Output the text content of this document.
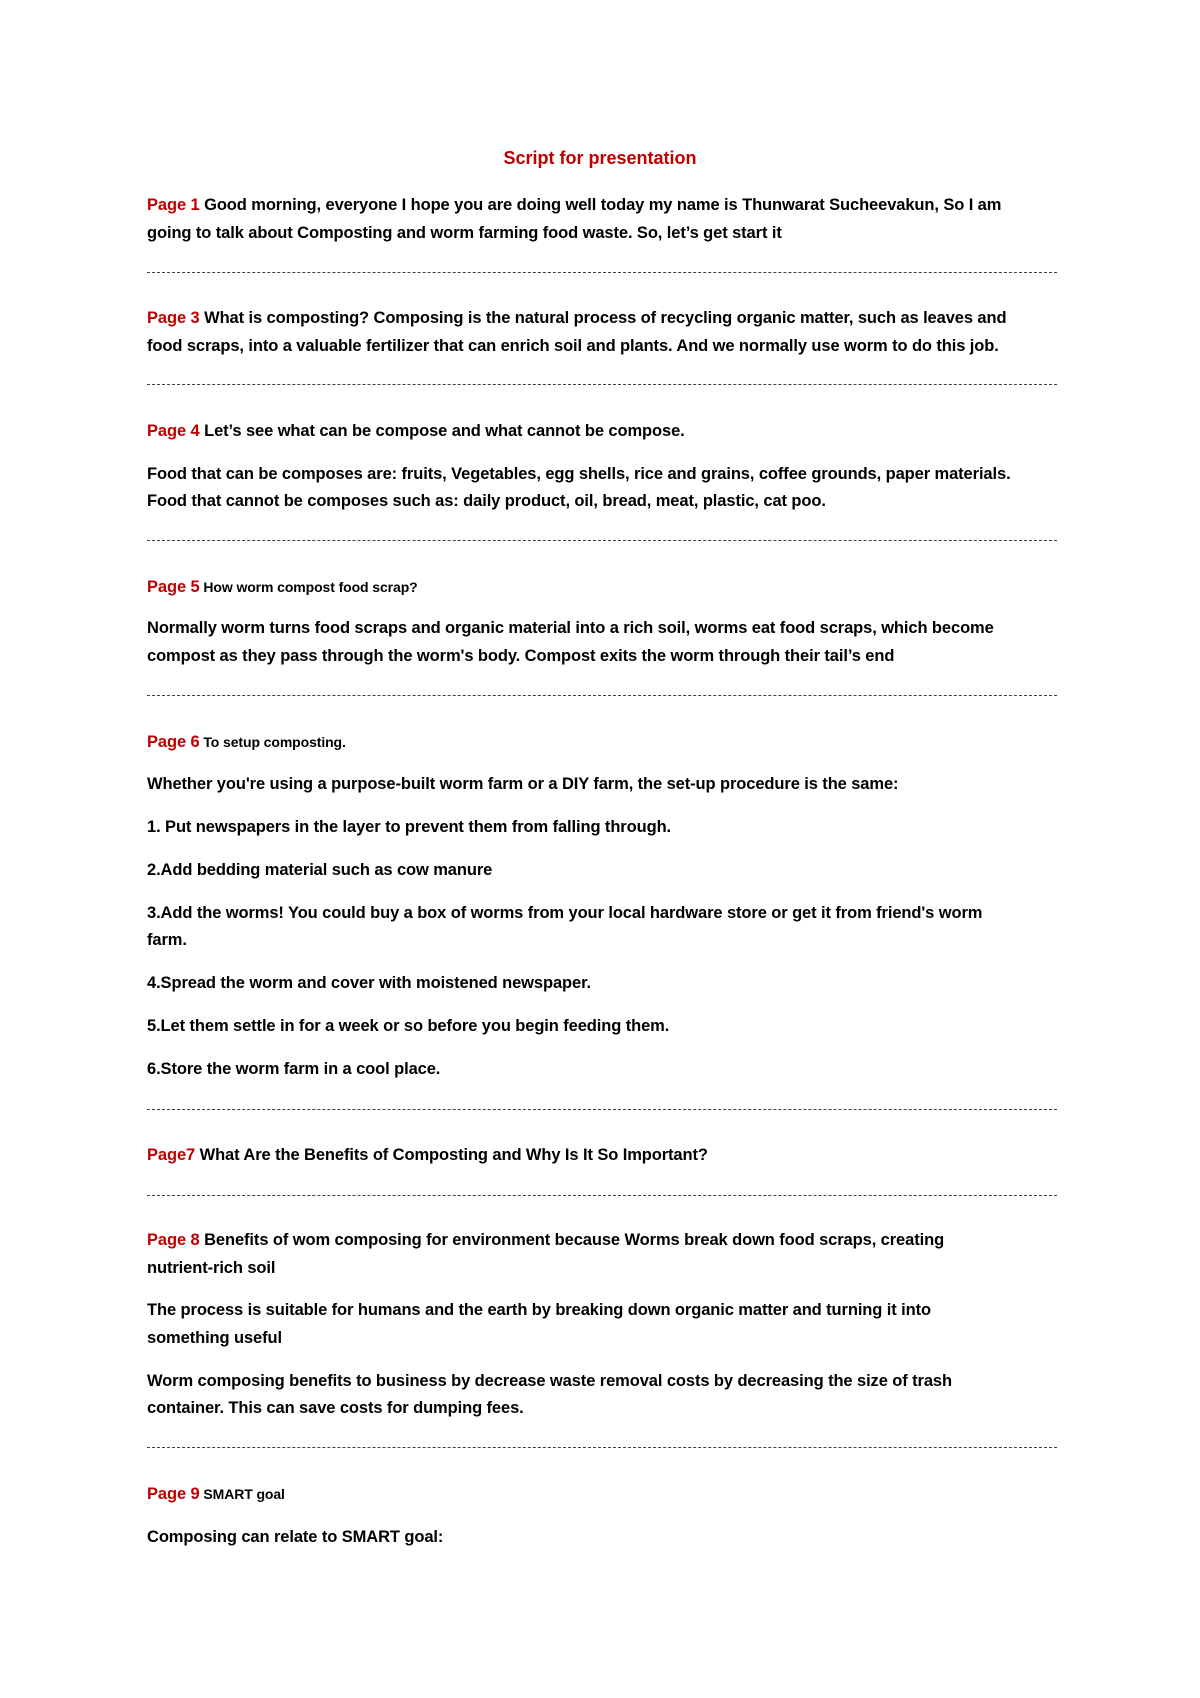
Script for presentation
Page 1 Good morning, everyone I hope you are doing well today my name is Thunwarat Sucheevakun, So I am
going to talk about Composting and worm farming food waste. So, let’s get start it
Page 3 What is composting? Composing is the natural process of recycling organic matter, such as leaves and
food scraps, into a valuable fertilizer that can enrich soil and plants. And we normally use worm to do this job.
Page 4 Let’s see what can be compose and what cannot be compose.
Food that can be composes are: fruits, Vegetables, egg shells, rice and grains, coffee grounds, paper materials.
Food that cannot be composes such as: daily product, oil, bread, meat, plastic, cat poo.
Page 5 How worm compost food scrap?
Normally worm turns food scraps and organic material into a rich soil, worms eat food scraps, which become
compost as they pass through the worm's body. Compost exits the worm through their tail’s end
Page 6 To setup composting.
Whether you're using a purpose-built worm farm or a DIY farm, the set-up procedure is the same:
1. Put newspapers in the layer to prevent them from falling through.
2.Add bedding material such as cow manure
3.Add the worms! You could buy a box of worms from your local hardware store or get it from friend's worm
farm.
4.Spread the worm and cover with moistened newspaper.
5.Let them settle in for a week or so before you begin feeding them.
6.Store the worm farm in a cool place.
Page7 What Are the Benefits of Composting and Why Is It So Important?
Page 8 Benefits of wom composing for environment because Worms break down food scraps, creating
nutrient-rich soil
The process is suitable for humans and the earth by breaking down organic matter and turning it into
something useful
Worm composing benefits to business by decrease waste removal costs by decreasing the size of trash
container. This can save costs for dumping fees.
Page 9 SMART goal
Composing can relate to SMART goal:
